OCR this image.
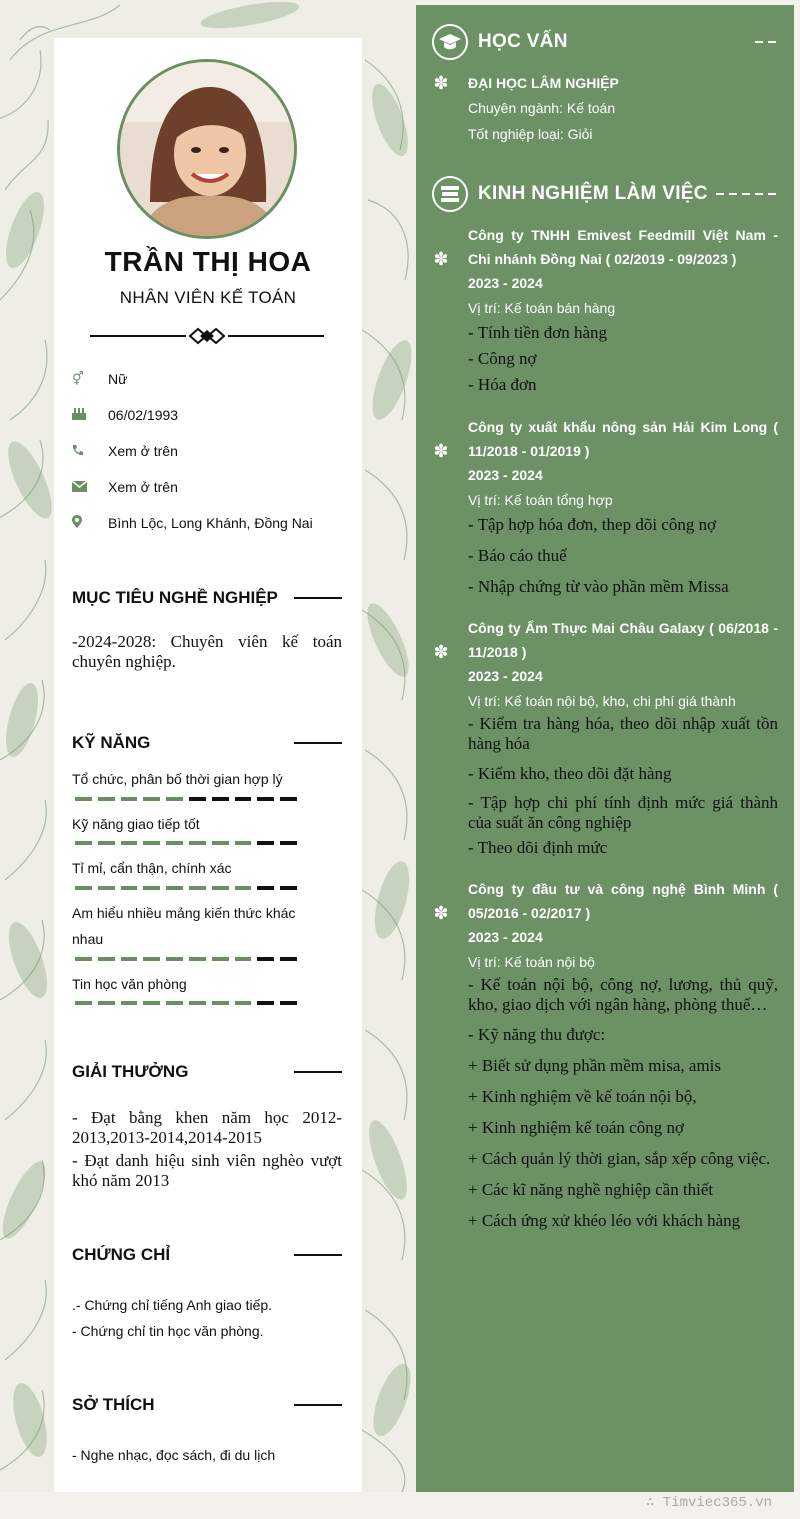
TRẦN THỊ HOA
NHÂN VIÊN KẾ TOÁN
⚥	Nữ
06/02/1993
Xem ở trên
Xem ở trên
Bình Lộc, Long Khánh, Đồng Nai
MỤC TIÊU NGHỀ NGHIỆP
-2024-2028: Chuyên viên kế toán chuyên nghiệp.
KỸ NĂNG
Tổ chức, phân bố thời gian hợp lý
Kỹ năng giao tiếp tốt
Tỉ mỉ, cẩn thận, chính xác
Am hiểu nhiều mảng kiến thức khác nhau
Tin học văn phòng
GIẢI THƯỞNG
- Đạt bằng khen năm học 2012-2013,2013-2014,2014-2015
- Đạt danh hiệu sinh viên nghèo vượt khó năm 2013
CHỨNG CHỈ
.- Chứng chỉ tiếng Anh giao tiếp.
- Chứng chỉ tin học văn phòng.
SỞ THÍCH
- Nghe nhạc, đọc sách, đi du lịch
HỌC VẤN
✽ ĐẠI HỌC LÂM NGHIỆP
Chuyên ngành: Kế toán
Tốt nghiệp loại: Giỏi
KINH NGHIỆM LÀM VIỆC
✽
Công ty TNHH Emivest Feedmill Việt Nam - Chi nhánh Đồng Nai ( 02/2019 - 09/2023 )
2023 - 2024
Vị trí: Kế toán bán hàng
- Tính tiền đơn hàng
- Công nợ
- Hóa đơn
✽
Công ty xuất khẩu nông sản Hải Kim Long ( 11/2018 - 01/2019 )
2023 - 2024
Vị trí: Kế toán tổng hợp
- Tập hợp hóa đơn, thep dõi công nợ
- Báo cáo thuế
- Nhập chứng từ vào phần mềm Missa
✽
Công ty Ẩm Thực Mai Châu Galaxy ( 06/2018 - 11/2018 )
2023 - 2024
Vị trí: Kế toán nội bộ, kho, chi phí giá thành
- Kiểm tra hàng hóa, theo dõi nhập xuất tồn hàng hóa
- Kiểm kho, theo dõi đặt hàng
- Tập hợp chi phí tính định mức giá thành của suất ăn công nghiệp
- Theo dõi định mức
✽
Công ty đầu tư và công nghệ Bình Minh ( 05/2016 - 02/2017 )
2023 - 2024
Vị trí: Kế toán nội bộ
- Kế toán nội bộ, công nợ, lương, thủ quỹ, kho, giao dịch với ngân hàng, phòng thuế…
- Kỹ năng thu được:
+ Biết sử dụng phần mềm misa, amis
+ Kinh nghiệm về kế toán nội bộ,
+ Kinh nghiệm kế toán công nợ
+ Cách quản lý thời gian, sắp xếp công việc.
+ Các kĩ năng nghề nghiệp cần thiết
+ Cách ứng xử khéo léo với khách hàng
∴ Timviec365.vn
